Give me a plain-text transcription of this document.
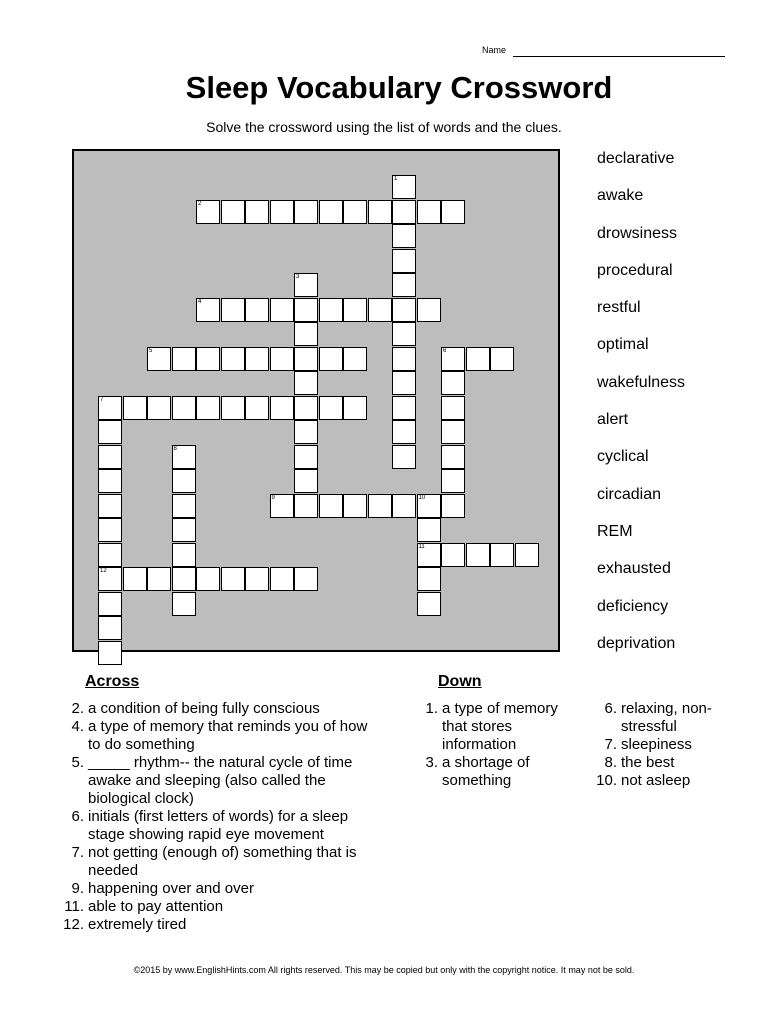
Name
Sleep Vocabulary Crossword
Solve the crossword using the list of words and the clues.
1
2
3
4
5	6
7
12
8
9	10
11
declarative
awake
drowsiness
procedural
restful
optimal
wakefulness
alert
cyclical
circadian
REM
exhausted
deficiency
deprivation
Across
2. a condition of being fully conscious
4. a type of memory that reminds you of how to do something
5. _____ rhythm-- the natural cycle of time awake and sleeping (also called the biological clock)
6. initials (first letters of words) for a sleep stage showing rapid eye movement
7. not getting (enough of) something that is needed
9. happening over and over
11. able to pay attention
12. extremely tired
Down
1. a type of memory that stores information
3. a shortage of something
6. relaxing, non-stressful
7. sleepiness
8. the best
10. not asleep
©2015 by www.EnglishHints.com All rights reserved. This may be copied but only with the copyright notice. It may not be sold.
